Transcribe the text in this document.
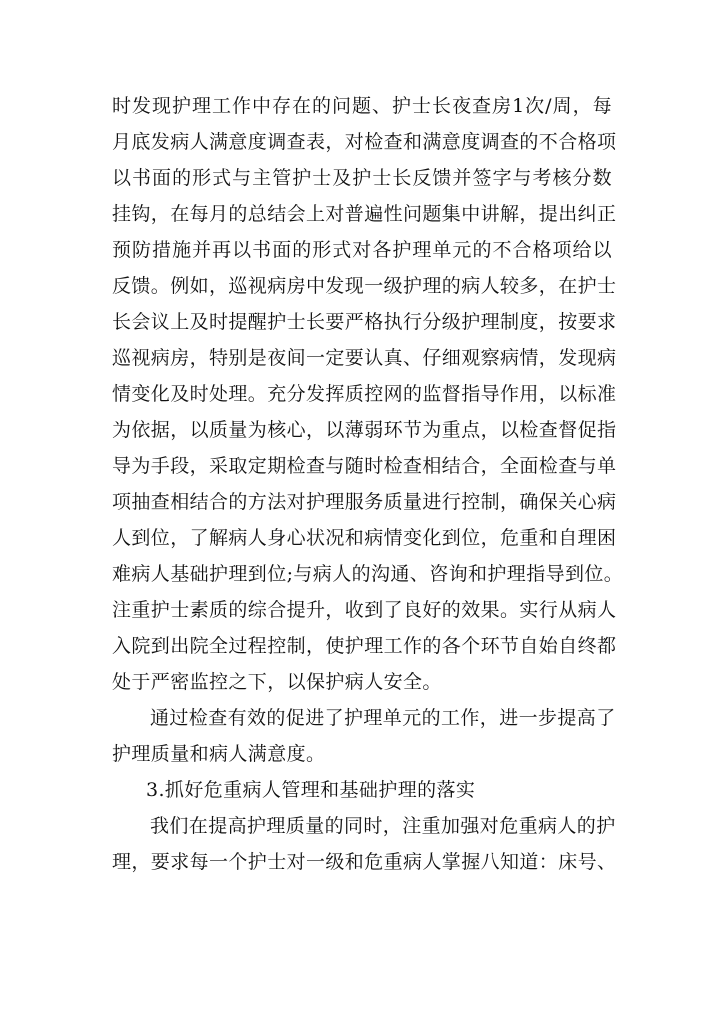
时发现护理工作中存在的问题、护士长夜查房1次/周，每
月底发病人满意度调查表，对检查和满意度调查的不合格项
以书面的形式与主管护士及护士长反馈并签字与考核分数
挂钩，在每月的总结会上对普遍性问题集中讲解，提出纠正
预防措施并再以书面的形式对各护理单元的不合格项给以
反馈。例如，巡视病房中发现一级护理的病人较多，在护士
长会议上及时提醒护士长要严格执行分级护理制度，按要求
巡视病房，特别是夜间一定要认真、仔细观察病情，发现病
情变化及时处理。充分发挥质控网的监督指导作用，以标准
为依据，以质量为核心，以薄弱环节为重点，以检查督促指
导为手段，采取定期检查与随时检查相结合，全面检查与单
项抽查相结合的方法对护理服务质量进行控制，确保关心病
人到位，了解病人身心状况和病情变化到位，危重和自理困
难病人基础护理到位;与病人的沟通、咨询和护理指导到位。
注重护士素质的综合提升，收到了良好的效果。实行从病人
入院到出院全过程控制，使护理工作的各个环节自始自终都
处于严密监控之下，以保护病人安全。
通过检查有效的促进了护理单元的工作，进一步提高了
护理质量和病人满意度。
3.抓好危重病人管理和基础护理的落实
我们在提高护理质量的同时，注重加强对危重病人的护
理，要求每一个护士对一级和危重病人掌握八知道：床号、
